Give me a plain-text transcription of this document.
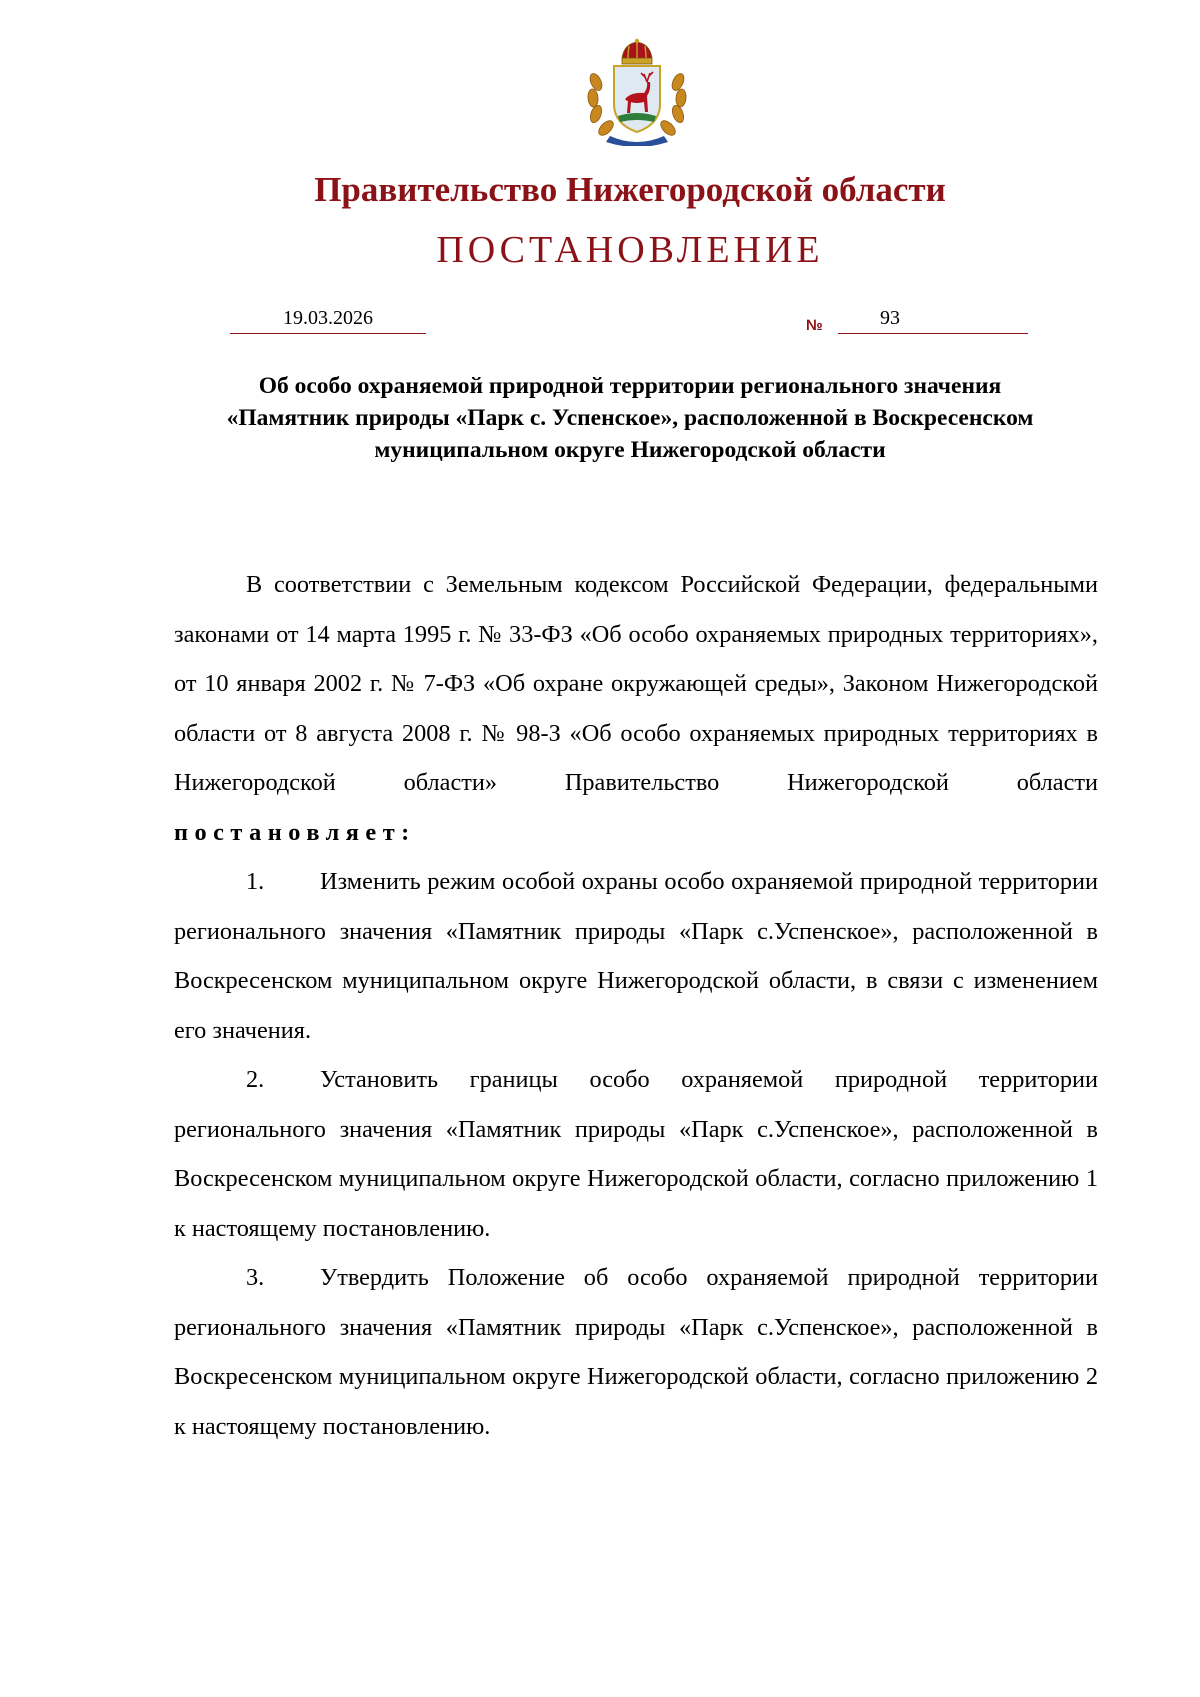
Правительство Нижегородской области
ПОСТАНОВЛЕНИЕ
19.03.2026	№	93
Об особо охраняемой природной территории регионального значения «Памятник природы «Парк с. Успенское», расположенной в Воскресенском муниципальном округе Нижегородской области

В соответствии с Земельным кодексом Российской Федерации, федеральными законами от 14 марта 1995 г. № 33-ФЗ «Об особо охраняемых природных территориях», от 10 января 2002 г. № 7-ФЗ «Об охране окружающей среды», Законом Нижегородской области от 8 августа 2008 г. № 98-З «Об особо охраняемых природных территориях в Нижегородской области» Правительство Нижегородской области постановляет:

1. Изменить режим особой охраны особо охраняемой природной территории регионального значения «Памятник природы «Парк с.Успенское», расположенной в Воскресенском муниципальном округе Нижегородской области, в связи с изменением его значения.

2. Установить границы особо охраняемой природной территории регионального значения «Памятник природы «Парк с.Успенское», расположенной в Воскресенском муниципальном округе Нижегородской области, согласно приложению 1 к настоящему постановлению.

3. Утвердить Положение об особо охраняемой природной территории регионального значения «Памятник природы «Парк с.Успенское», расположенной в Воскресенском муниципальном округе Нижегородской области, согласно приложению 2 к настоящему постановлению.
